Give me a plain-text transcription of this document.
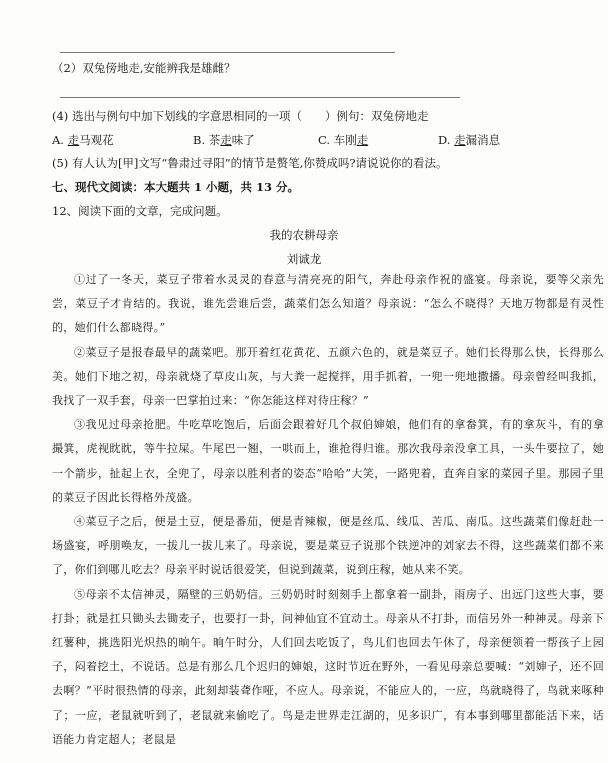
（2）双兔傍地走,安能辨我是雄雌？
(4) 选出与例句中加下划线的字意思相同的一项（　　）例句：双兔傍地走
A. 走马观花	B. 茶走味了	C. 车刚走	D. 走漏消息
(5) 有人认为[甲]文写“鲁肃过寻阳”的情节是赘笔,你赞成吗?请说说你的看法。
七、现代文阅读：本大题共 1 小题，共 13 分。
12、阅读下面的文章，完成问题。
我的农耕母亲
刘诚龙

①过了一冬天，菜豆子带着水灵灵的春意与清亮亮的阳气，奔赴母亲作祝的盛宴。母亲说，要等父亲先尝，菜豆子才肯结的。我说，谁先尝谁后尝，蔬菜们怎么知道？母亲说：“怎么不晓得？天地万物都是有灵性的，她们什么都晓得。”

②菜豆子是报春最早的蔬菜吧。那开着红花黄花、五颜六色的，就是菜豆子。她们长得那么快，长得那么美。她们下地之初，母亲就烧了草皮山灰，与大粪一起搅拌，用手抓着，一兜一兜地撒播。母亲曾经叫我抓，我找了一双手套，母亲一巴掌拍过来：“你怎能这样对待庄稼？”

③我见过母亲抢肥。牛吃草吃饱后，后面会跟着好几个叔伯婶娘，他们有的拿畚箕，有的拿灰斗，有的拿撮箕，虎视眈眈，等牛拉屎。牛尾巴一翘，一哄而上，谁抢得归谁。那次我母亲没拿工具，一头牛要拉了，她一个箭步，扯起上衣，全兜了，母亲以胜利者的姿态“哈哈”大笑，一路兜着，直奔自家的菜园子里。那园子里的菜豆子因此长得格外茂盛。

④菜豆子之后，便是土豆，便是番茄，便是青辣椒，便是丝瓜、线瓜、苦瓜、南瓜。这些蔬菜们像赶赴一场盛宴，呼朋唤友，一拔儿一拔儿来了。母亲说，要是菜豆子说那个铁逆冲的刘家去不得，这些蔬菜们都不来了，你们到哪儿吃去？母亲平时说话很爱笑，但说到蔬菜，说到庄稼，她从来不笑。

⑤母亲不太信神灵，隔壁的三奶奶信。三奶奶时时刻刻手上都拿着一副卦，雨房子、出远门这些大事，要打卦；就是扛只锄头去锄麦子，也要打一卦，问神仙宜不宜动土。母亲从不打卦，而信另外一种神灵。母亲下红薯种，挑选阳光炽热的晌午。晌午时分，人们回去吃饭了，鸟儿们也回去午休了，母亲便领着一帮孩子上园子，闷着挖土，不说话。总是有那么几个迟归的婶娘，这时节近在野外，一看见母亲总要喊：“刘婶子，还不回去啊？”平时很热情的母亲，此刻却装聋作哑，不应人。母亲说，不能应人的，一应，鸟就晓得了，鸟就来啄种了；一应，老鼠就听到了，老鼠就来偷吃了。鸟是走世界走江湖的，见多识广，有本事到哪里都能活下来，话语能力肯定超人；老鼠是
